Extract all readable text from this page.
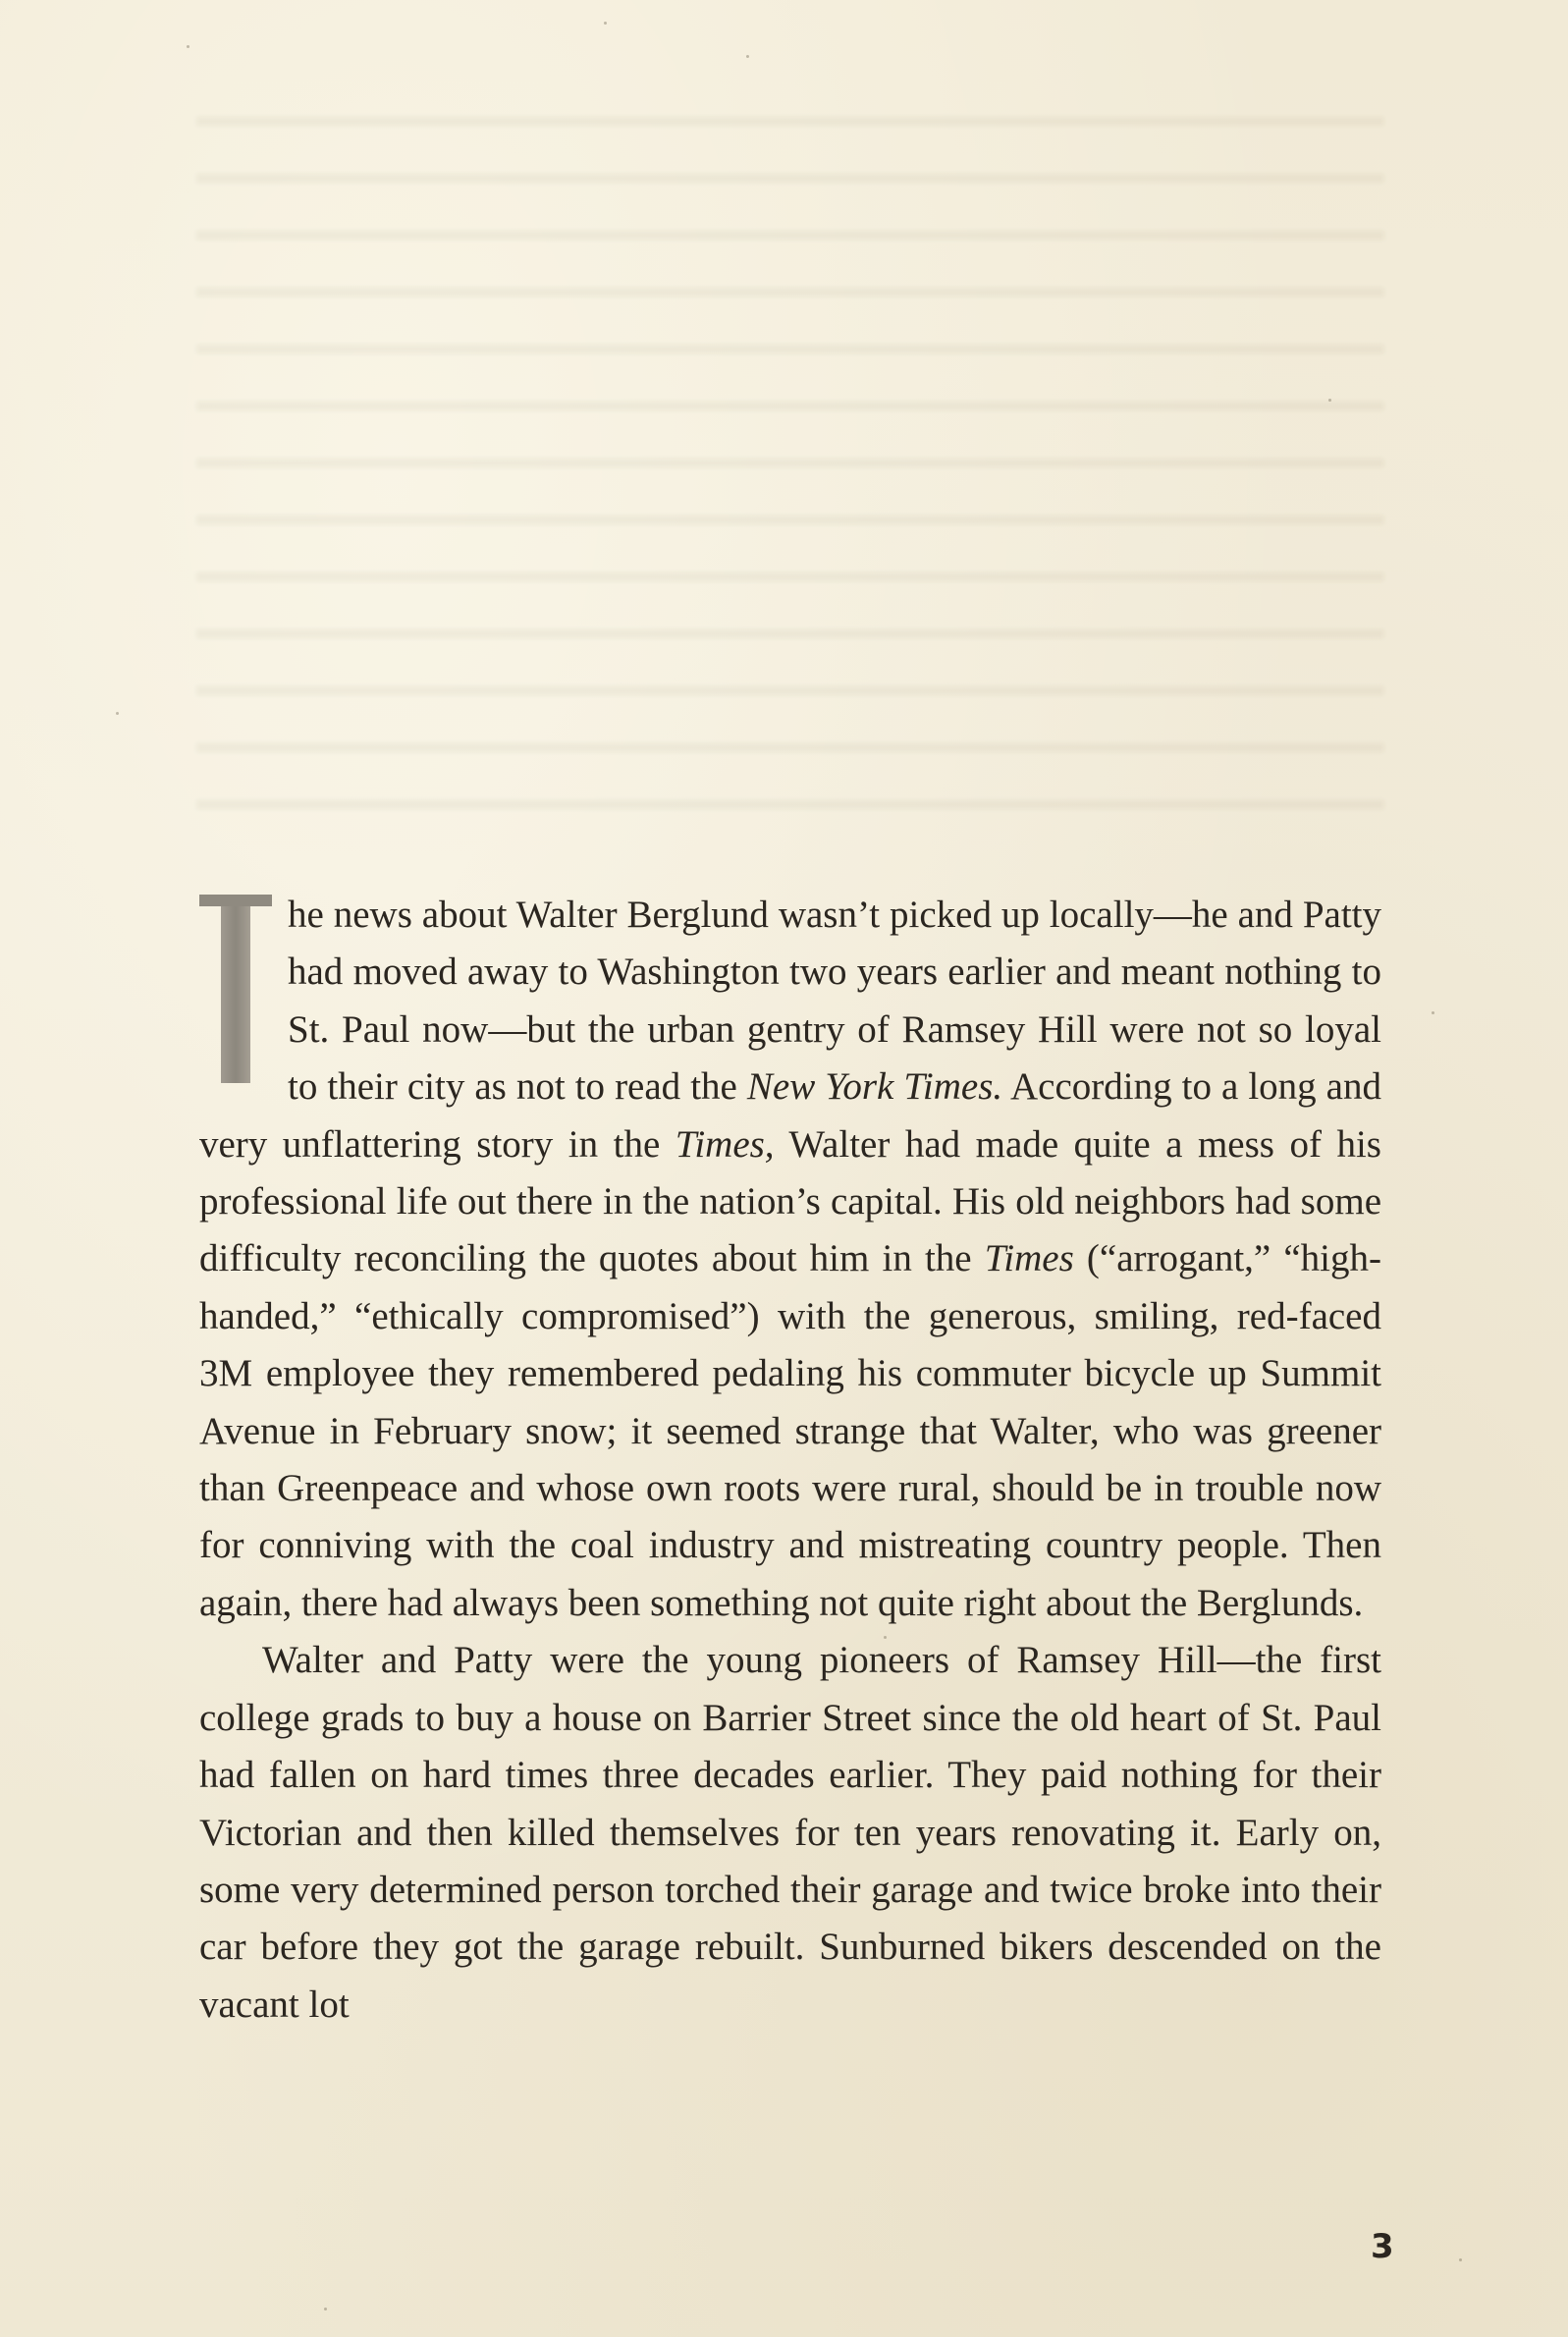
he news about Walter Berglund wasn’t picked up locally—he and Patty had moved away to Washington two years earlier and meant nothing to St. Paul now—but the urban gentry of Ramsey Hill were not so loyal to their city as not to read the New York Times. According to a long and very unflattering story in the Times, Walter had made quite a mess of his professional life out there in the nation’s capital. His old neighbors had some difficulty reconciling the quotes about him in the Times (“arrogant,” “high-handed,” “ethically compromised”) with the generous, smiling, red-faced 3M employee they remembered pedaling his commuter bicycle up Summit Avenue in February snow; it seemed strange that Walter, who was greener than Greenpeace and whose own roots were rural, should be in trouble now for conniving with the coal industry and mistreating country people. Then again, there had always been something not quite right about the Berglunds.

Walter and Patty were the young pioneers of Ramsey Hill—the first college grads to buy a house on Barrier Street since the old heart of St. Paul had fallen on hard times three decades earlier. They paid nothing for their Victorian and then killed themselves for ten years renovating it. Early on, some very determined person torched their garage and twice broke into their car before they got the garage rebuilt. Sunburned bikers descended on the vacant lot

3
